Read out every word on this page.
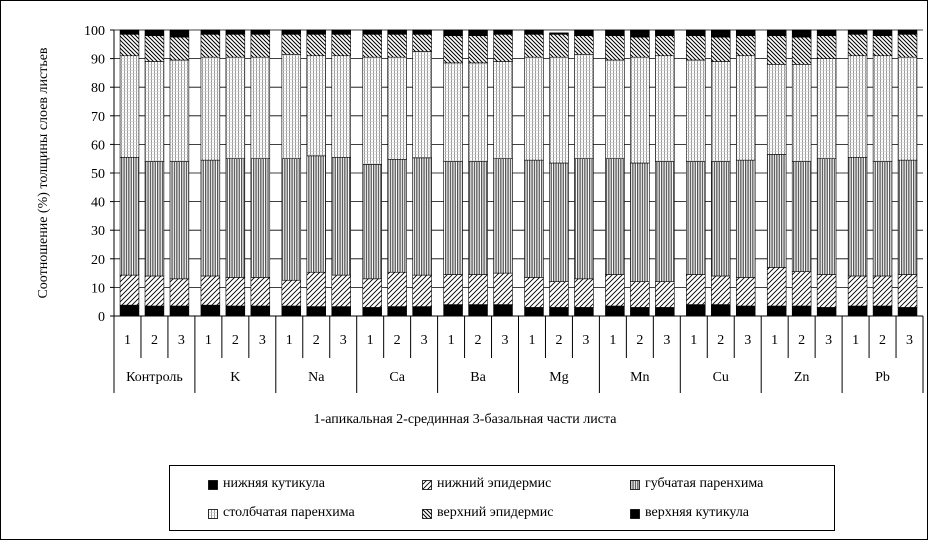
0
10
20
30
40
50
60
70
80
90
100
1 2 3
Контроль
1 2 3
K
1 2 3
Na
1 2 3
Ca
1 2 3
Ba
1 2 3
Mg
1 2 3
Mn
1 2 3
Cu
1 2 3
Zn
1 2 3
Pb
Соотношение (%) толщины слоев листьев
1-апикальная 2-срединная 3-базальная части листа
нижняя кутикула	нижний эпидермис	губчатая паренхима
столбчатая паренхима	верхний эпидермис	верхняя кутикула
